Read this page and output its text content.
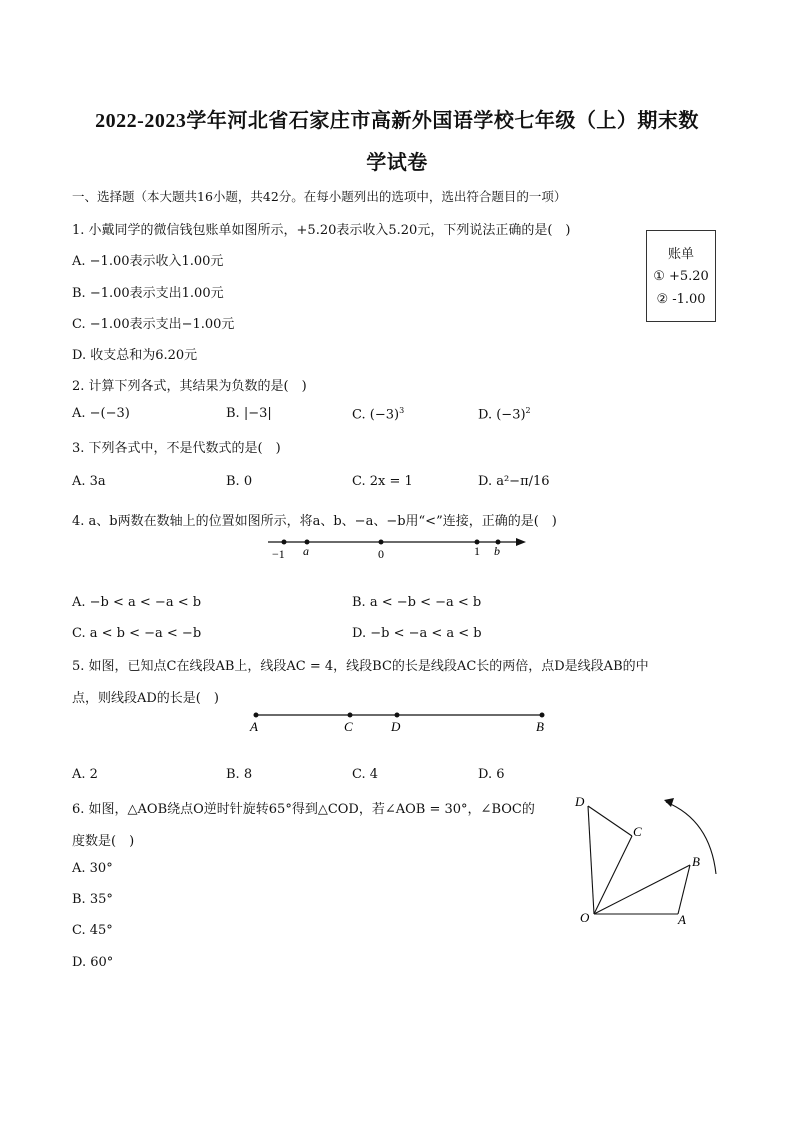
2022-2023学年河北省石家庄市高新外国语学校七年级（上）期末数
学试卷
一、选择题（本大题共16小题，共42分。在每小题列出的选项中，选出符合题目的一项）
1. 小戴同学的微信钱包账单如图所示，+5.20表示收入5.20元，下列说法正确的是(　)
A. −1.00表示收入1.00元
B. −1.00表示支出1.00元
C. −1.00表示支出−1.00元
D. 收支总和为6.20元
账单
① +5.20
② -1.00
2. 计算下列各式，其结果为负数的是(　)
A. −(−3)	B. |−3|	C. $(-3)^3$	D. $(-3)^2$
3. 下列各式中，不是代数式的是(　)
A. 3a	B. 0	C. 2x = 1	D. a²−π/16
4. a、b两数在数轴上的位置如图所示，将a、b、−a、−b用“<”连接，正确的是(　)
−1 a	0	1 b
A. −b < a < −a < b	B. a < −b < −a < b
C. a < b < −a < −b	D. −b < −a < a < b
5. 如图，已知点C在线段AB上，线段AC = 4，线段BC的长是线段AC长的两倍，点D是线段AB的中
点，则线段AD的长是(　)
A	C	D	B
A. 2	B. 8	C. 4	D. 6
6. 如图，△AOB绕点O逆时针旋转65°得到△COD，若∠AOB = 30°，∠BOC的
度数是(　)
A. 30°
B. 35°
C. 45°
D. 60°
D
C
B
O	A
